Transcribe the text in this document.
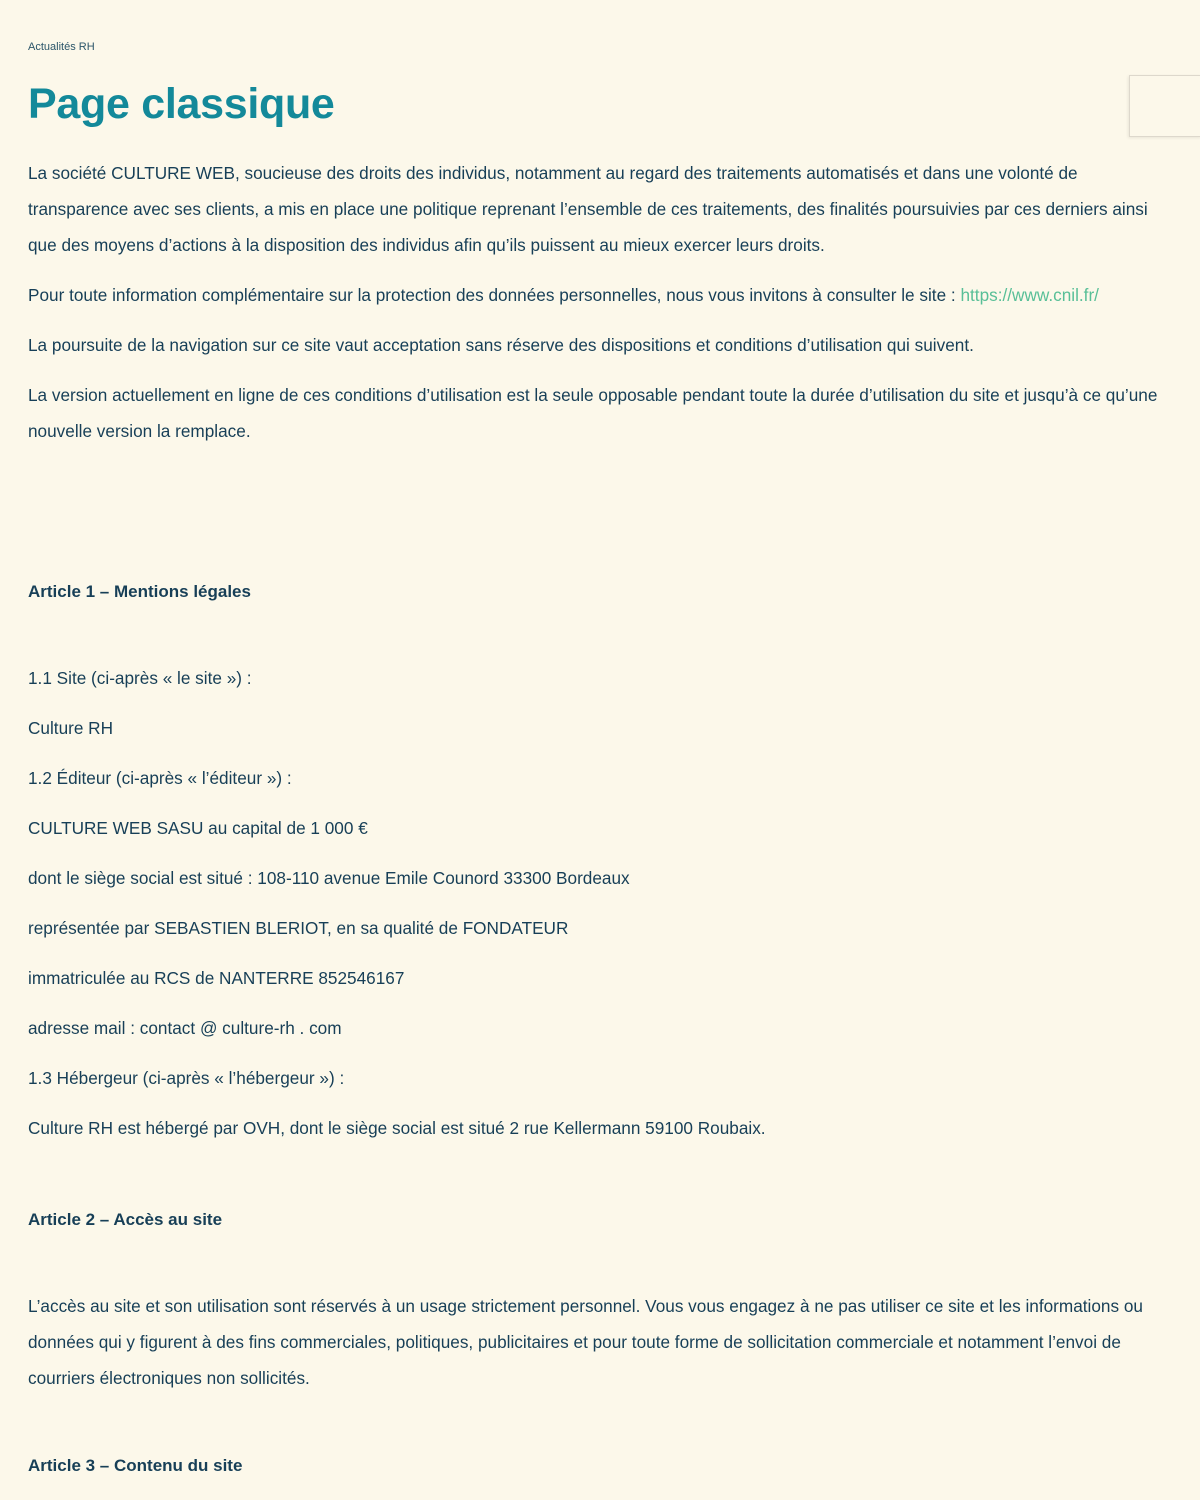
Actualités RH
Page classique

La société CULTURE WEB, soucieuse des droits des individus, notamment au regard des traitements automatisés et dans une volonté de transparence avec ses clients, a mis en place une politique reprenant l’ensemble de ces traitements, des finalités poursuivies par ces derniers ainsi que des moyens d’actions à la disposition des individus afin qu’ils puissent au mieux exercer leurs droits.

Pour toute information complémentaire sur la protection des données personnelles, nous vous invitons à consulter le site : https://www.cnil.fr/

La poursuite de la navigation sur ce site vaut acceptation sans réserve des dispositions et conditions d’utilisation qui suivent.

La version actuellement en ligne de ces conditions d’utilisation est la seule opposable pendant toute la durée d’utilisation du site et jusqu’à ce qu’une nouvelle version la remplace.

Article 1 – Mentions légales

1.1 Site (ci-après « le site ») :

Culture RH

1.2 Éditeur (ci-après « l’éditeur ») :

CULTURE WEB SASU au capital de 1 000 €

dont le siège social est situé : 108-110 avenue Emile Counord 33300 Bordeaux

représentée par SEBASTIEN BLERIOT, en sa qualité de FONDATEUR

immatriculée au RCS de NANTERRE 852546167

adresse mail : contact @ culture-rh . com

1.3 Hébergeur (ci-après « l’hébergeur ») :

Culture RH est hébergé par OVH, dont le siège social est situé 2 rue Kellermann 59100 Roubaix.

Article 2 – Accès au site

L’accès au site et son utilisation sont réservés à un usage strictement personnel. Vous vous engagez à ne pas utiliser ce site et les informations ou données qui y figurent à des fins commerciales, politiques, publicitaires et pour toute forme de sollicitation commerciale et notamment l’envoi de courriers électroniques non sollicités.

Article 3 – Contenu du site
